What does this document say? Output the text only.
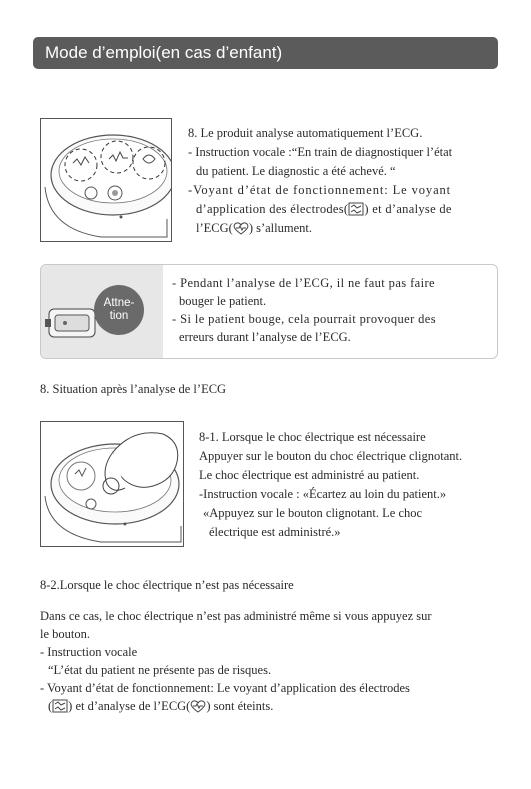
Mode d’emploi(en cas d’enfant)
8. Le produit analyse automatiquement l’ECG.
- Instruction vocale :“En train de diagnostiquer l’état
du patient. Le diagnostic a été achevé. “
-Voyant d’état de fonctionnement: Le voyant
d’application des électrodes( ) et d’analyse de
l’ECG( ) s’allument.
Attne-
tion
- Pendant l’analyse de l’ECG, il ne faut pas faire
bouger le patient.
- Si le patient bouge, cela pourrait provoquer des
erreurs durant l’analyse de l’ECG.
8. Situation après l’analyse de l’ECG
8-1. Lorsque le choc électrique est nécessaire
Appuyer sur le bouton du choc électrique clignotant.
Le choc électrique est administré au patient.
-Instruction vocale : «Écartez au loin du patient.»
«Appuyez sur le bouton clignotant. Le choc
électrique est administré.»
8-2.Lorsque le choc électrique n’est pas nécessaire
Dans ce cas, le choc électrique n’est pas administré même si vous appuyez sur
le bouton.
- Instruction vocale
“L’état du patient ne présente pas de risques.
- Voyant d’état de fonctionnement: Le voyant d’application des électrodes
( ) et d’analyse de l’ECG( ) sont éteints.
